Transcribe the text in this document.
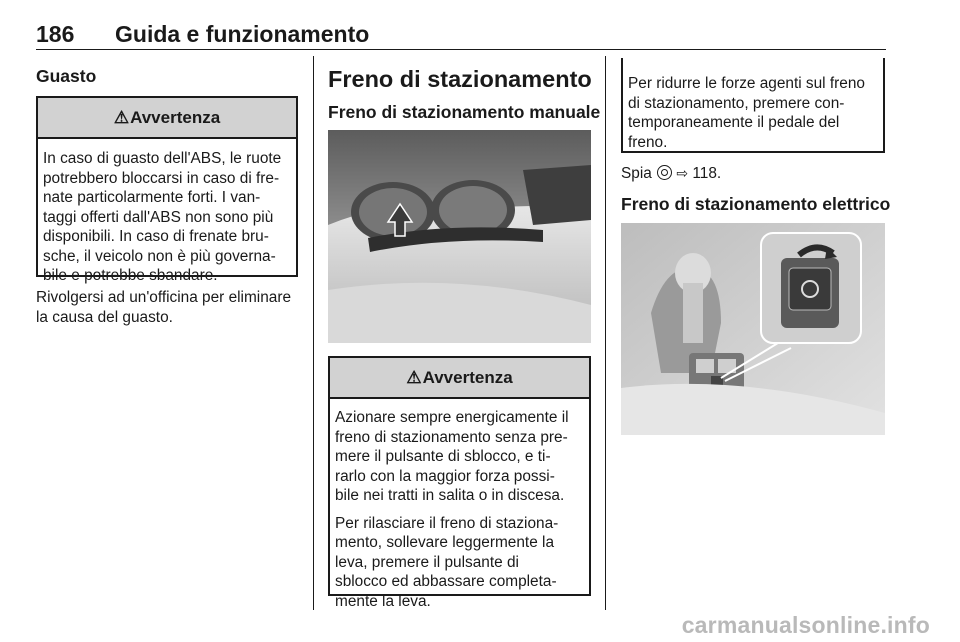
186 Guida e funzionamento
Guasto
⚠ Avvertenza
In caso di guasto dell'ABS, le ruote
potrebbero bloccarsi in caso di fre-
nate particolarmente forti. I van-
taggi offerti dall'ABS non sono più
disponibili. In caso di frenate bru-
sche, il veicolo non è più governa-
bile e potrebbe sbandare.
Rivolgersi ad un'officina per eliminare
la causa del guasto.
Freno di stazionamento
Freno di stazionamento manuale
⚠ Avvertenza
Azionare sempre energicamente il
freno di stazionamento senza pre-
mere il pulsante di sblocco, e ti-
rarlo con la maggior forza possi-
bile nei tratti in salita o in discesa.
Per rilasciare il freno di staziona-
mento, sollevare leggermente la
leva, premere il pulsante di
sblocco ed abbassare completa-
mente la leva.
Per ridurre le forze agenti sul freno
di stazionamento, premere con-
temporaneamente il pedale del
freno.
Spia ⇨ 118.
Freno di stazionamento elettrico
carmanualsonline.info
